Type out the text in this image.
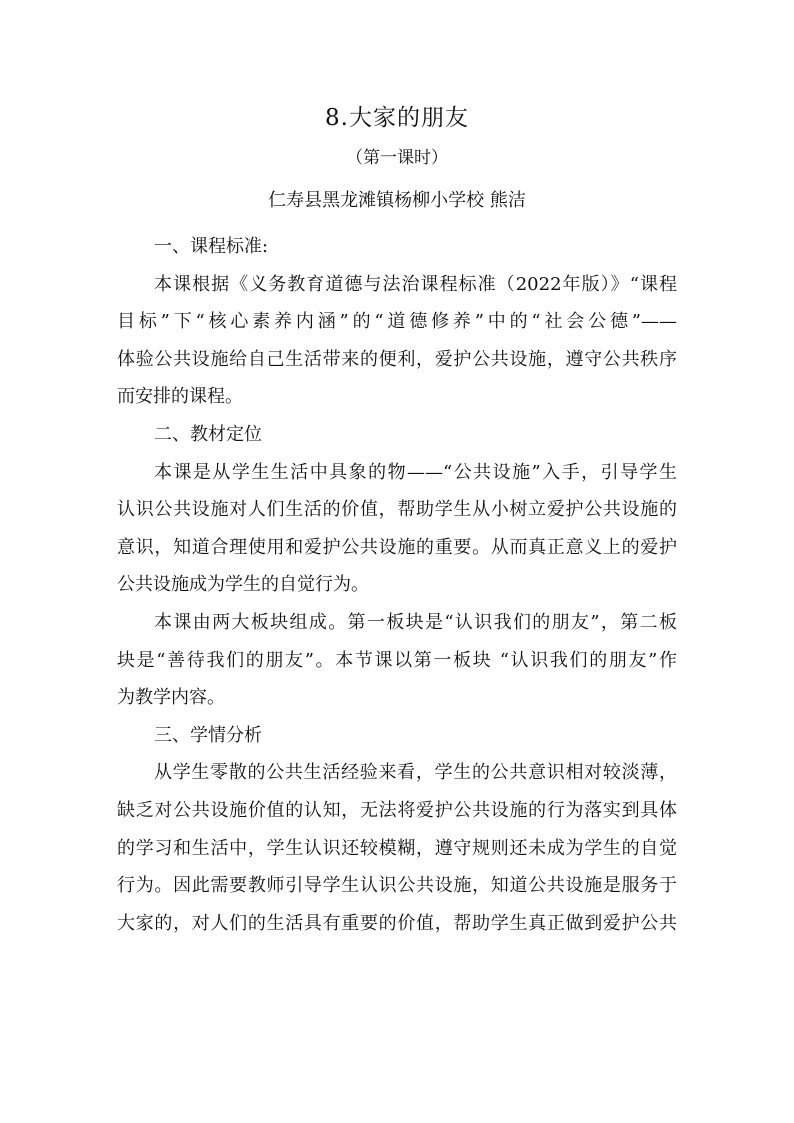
8.大家的朋友
（第一课时）
仁寿县黑龙滩镇杨柳小学校 熊洁
一、课程标准:
本课根据《义务教育道德与法治课程标准（2022年版）》“课程
目标”下“核心素养内涵”的“道德修养”中的“社会公德”——
体验公共设施给自己生活带来的便利，爱护公共设施，遵守公共秩序
而安排的课程。
二、教材定位
本课是从学生生活中具象的物——“公共设施”入手，引导学生
认识公共设施对人们生活的价值，帮助学生从小树立爱护公共设施的
意识，知道合理使用和爱护公共设施的重要。从而真正意义上的爱护
公共设施成为学生的自觉行为。
本课由两大板块组成。第一板块是“认识我们的朋友”，第二板
块是“善待我们的朋友”。本节课以第一板块 “认识我们的朋友”作
为教学内容。
三、学情分析
从学生零散的公共生活经验来看，学生的公共意识相对较淡薄，
缺乏对公共设施价值的认知，无法将爱护公共设施的行为落实到具体
的学习和生活中，学生认识还较模糊，遵守规则还未成为学生的自觉
行为。因此需要教师引导学生认识公共设施，知道公共设施是服务于
大家的，对人们的生活具有重要的价值，帮助学生真正做到爱护公共
